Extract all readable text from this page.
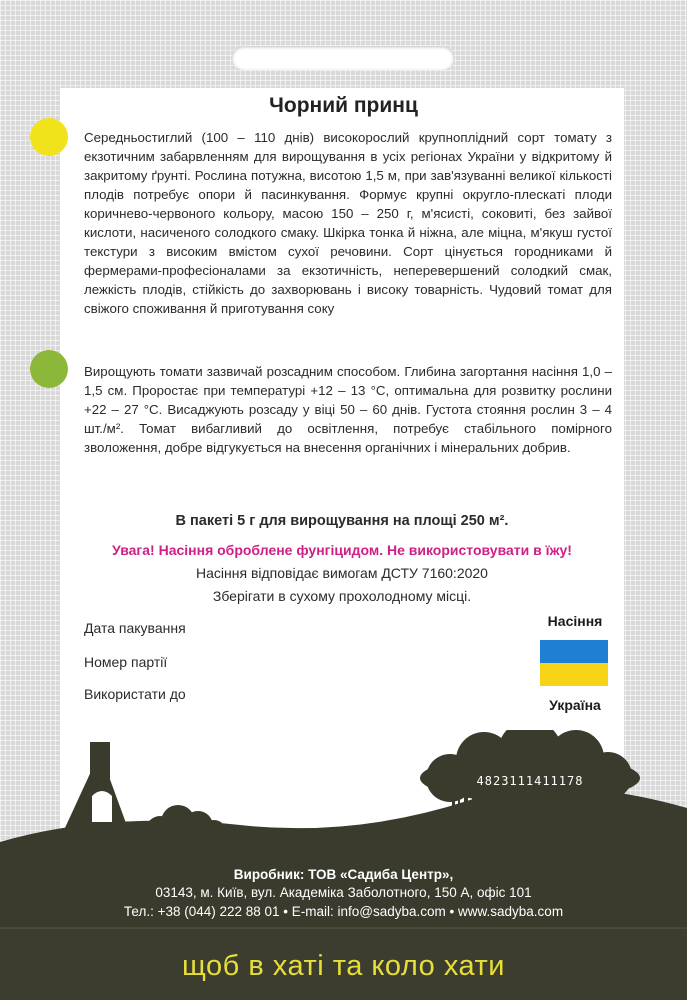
Чорний принц

Середньостиглий (100 – 110 днів) високорослий крупноплідний сорт томату з екзотичним забарвленням для вирощування в усіх регіонах України у відкритому й закритому ґрунті. Рослина потужна, висотою 1,5 м, при зав'язуванні великої кількості плодів потребує опори й пасинкування. Формує крупні округло-плескаті плоди коричнево-червоного кольору, масою 150 – 250 г, м'ясисті, соковиті, без зайвої кислоти, насиченого солодкого смаку. Шкірка тонка й ніжна, але міцна, м'якуш густої текстури з високим вмістом сухої речовини. Сорт цінується городниками й фермерами-професіоналами за екзотичність, неперевершений солодкий смак, лежкість плодів, стійкість до захворювань і високу товарність. Чудовий томат для свіжого споживання й приготування соку

Вирощують томати зазвичай розсадним способом. Глибина загортання насіння 1,0 – 1,5 см. Проростає при температурі +12 – 13 °С, оптимальна для розвитку рослини +22 – 27 °С. Висаджують розсаду у віці 50 – 60 днів. Густота стояння рослин 3 – 4 шт./м². Томат вибагливий до освітлення, потребує стабільного помірного зволоження, добре відгукується на внесення органічних і мінеральних добрив.

В пакеті 5 г для вирощування на площі 250 м².

Увага! Насіння оброблене фунгіцидом. Не використовувати в їжу!

Насіння відповідає вимогам ДСТУ 7160:2020

Зберігати в сухому прохолодному місці.

Дата пакування

Номер партії

Використати до

Насіння

Україна

4823111411178

Виробник: ТОВ «Садиба Центр»,

03143, м. Київ, вул. Академіка Заболотного, 150 А, офіс 101

Тел.: +38 (044) 222 88 01 • E-mail: info@sadyba.com • www.sadyba.com

щоб в хаті та коло хати
